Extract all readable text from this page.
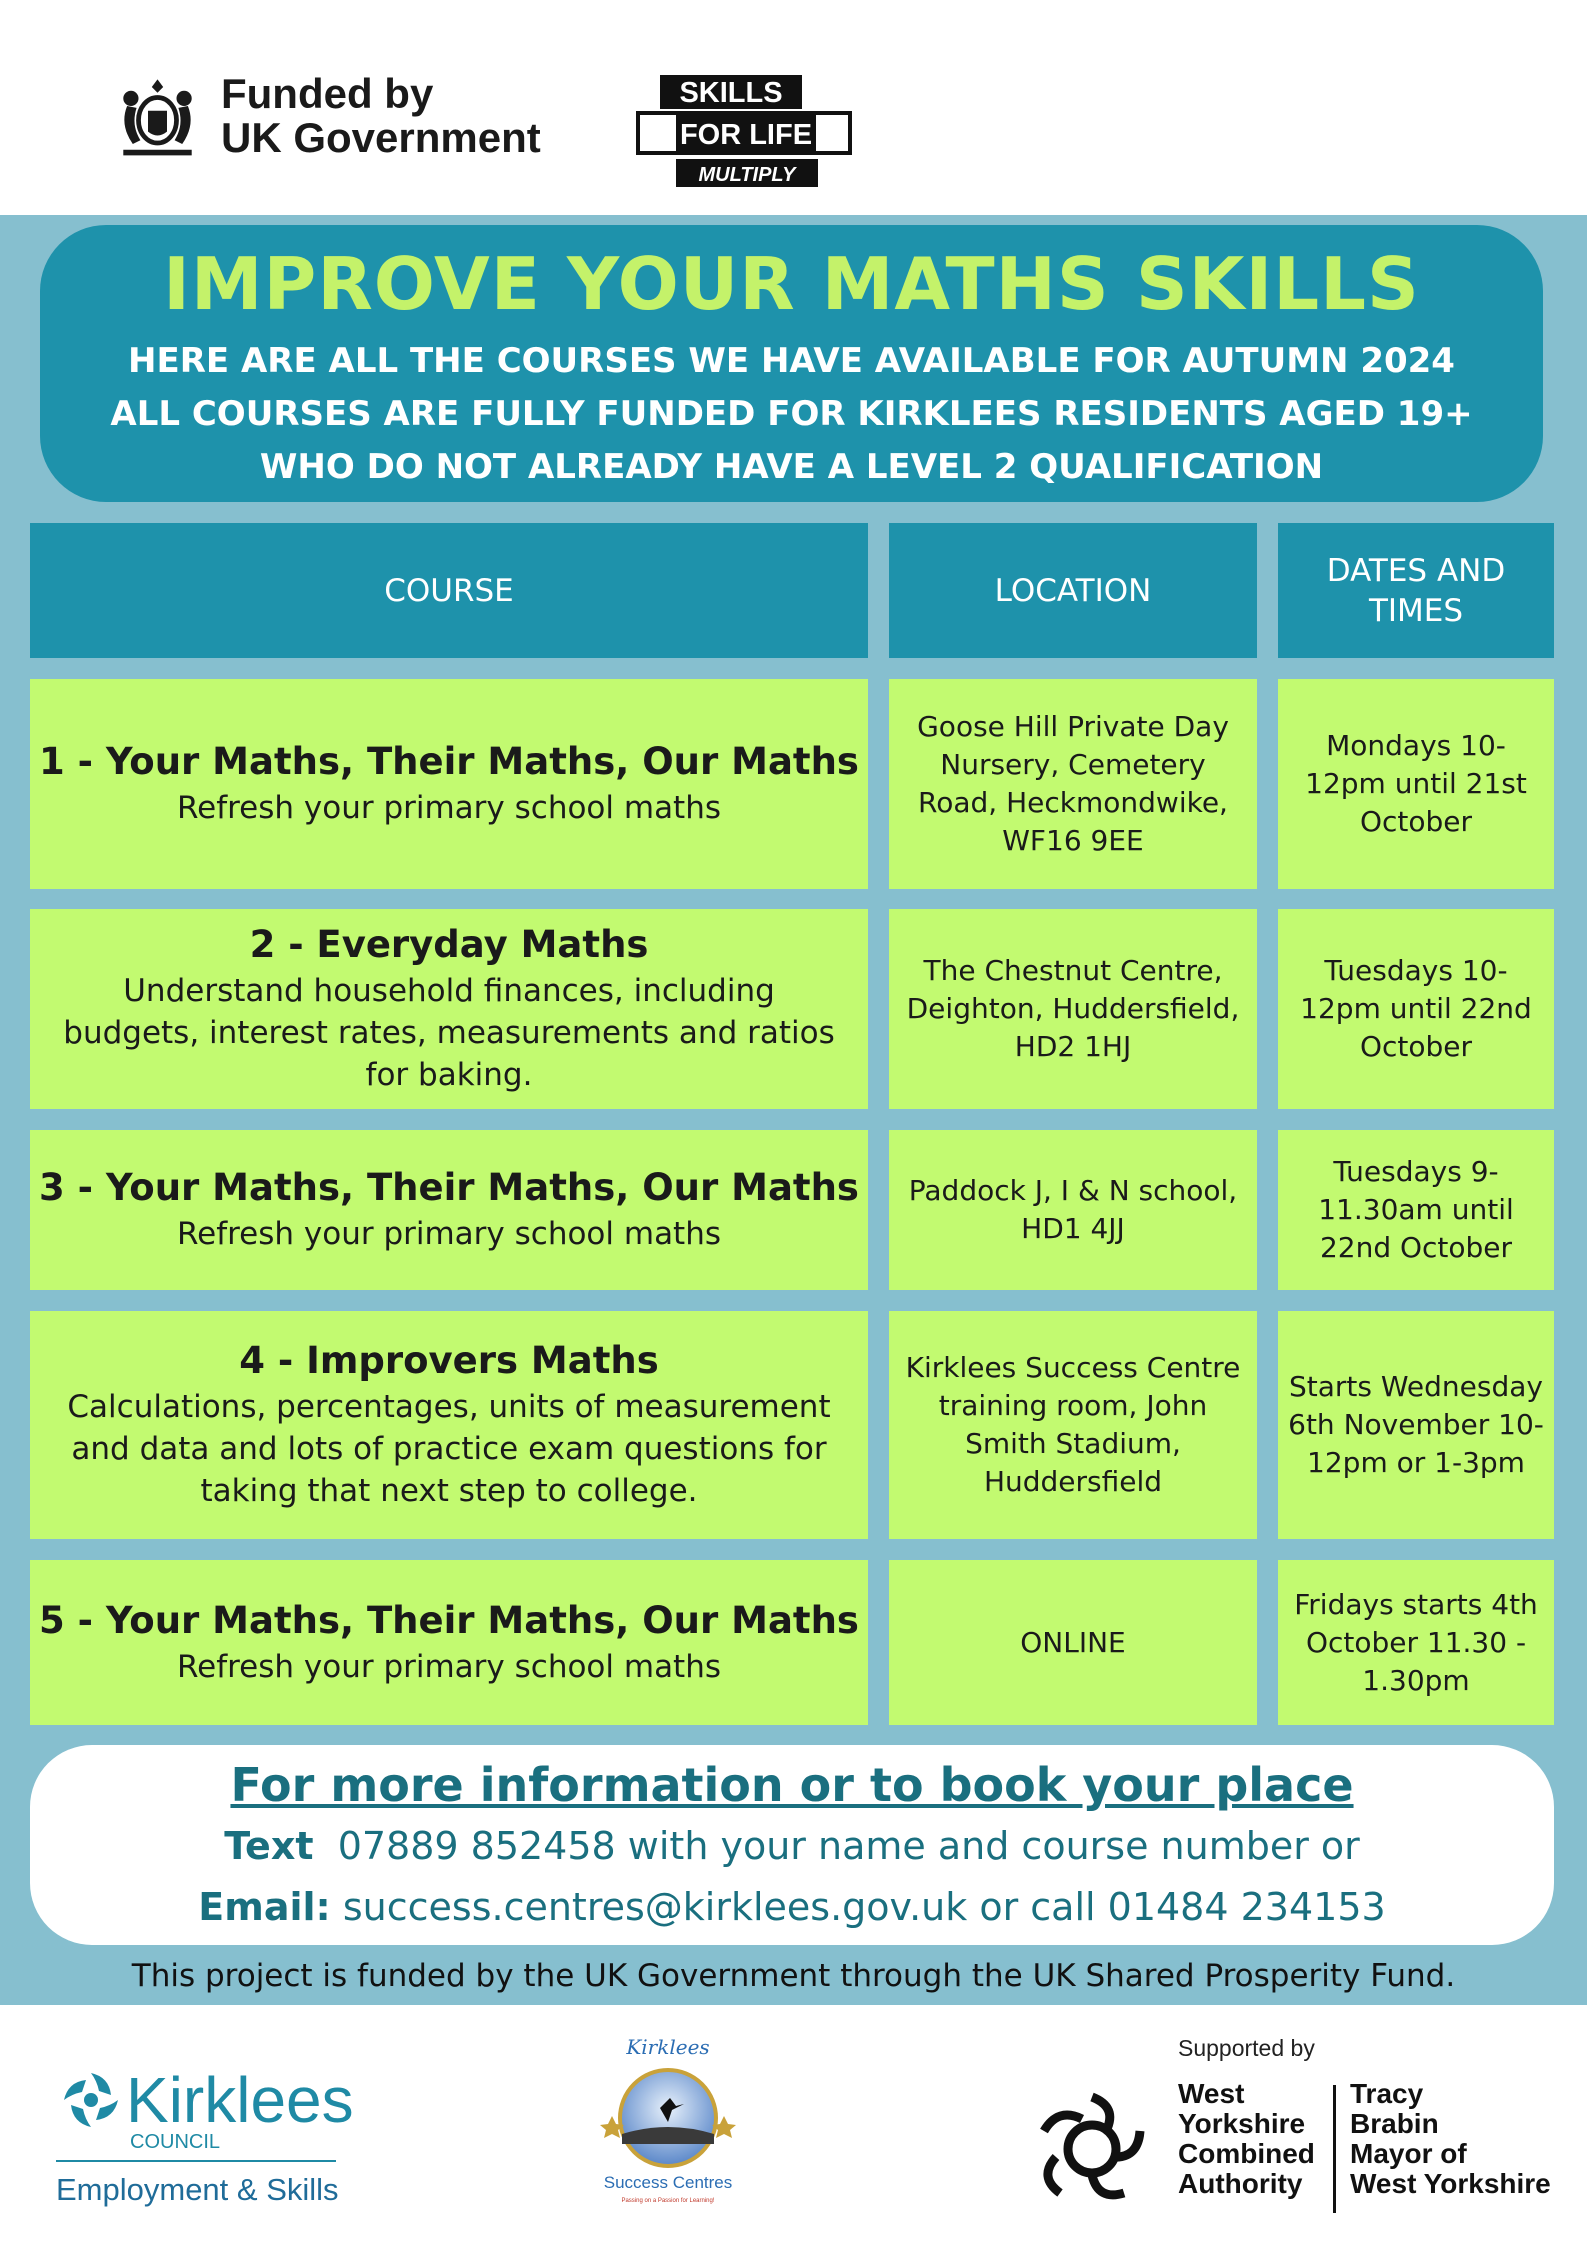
Funded by
UK Government
SKILLS
FOR LIFE
MULTIPLY
IMPROVE YOUR MATHS SKILLS
HERE ARE ALL THE COURSES WE HAVE AVAILABLE FOR AUTUMN 2024
ALL COURSES ARE FULLY FUNDED FOR KIRKLEES RESIDENTS AGED 19+
WHO DO NOT ALREADY HAVE A LEVEL 2 QUALIFICATION
COURSE	LOCATION
DATES AND TIMES
1 - Your Maths, Their Maths, Our Maths
Refresh your primary school maths
Goose Hill Private Day Nursery, Cemetery Road, Heckmondwike, WF16 9EE
Mondays 10-12pm until 21st October
2 - Everyday Maths
Understand household finances, including budgets, interest rates, measurements and ratios for baking.
The Chestnut Centre, Deighton, Huddersfield, HD2 1HJ
Tuesdays 10-12pm until 22nd October
3 - Your Maths, Their Maths, Our Maths
Refresh your primary school maths
Paddock J, I & N school, HD1 4JJ
Tuesdays 9-11.30am until 22nd October
4 - Improvers Maths
Calculations, percentages, units of measurement and data and lots of practice exam questions for taking that next step to college.
Kirklees Success Centre training room, John Smith Stadium, Huddersfield
Starts Wednesday 6th November 10-12pm or 1-3pm
5 - Your Maths, Their Maths, Our Maths
Refresh your primary school maths
ONLINE
Fridays starts 4th October 11.30 - 1.30pm
For more information or to book your place
Text 07889 852458 with your name and course number or
Email: success.centres@kirklees.gov.uk or call 01484 234153
This project is funded by the UK Government through the UK Shared Prosperity Fund.
Kirklees
COUNCIL
Employment & Skills
Kirklees
Success Centres
Passing on a Passion for Learning!
Supported by
West
Yorkshire
Combined
Authority
Tracy
Brabin
Mayor of
West Yorkshire
